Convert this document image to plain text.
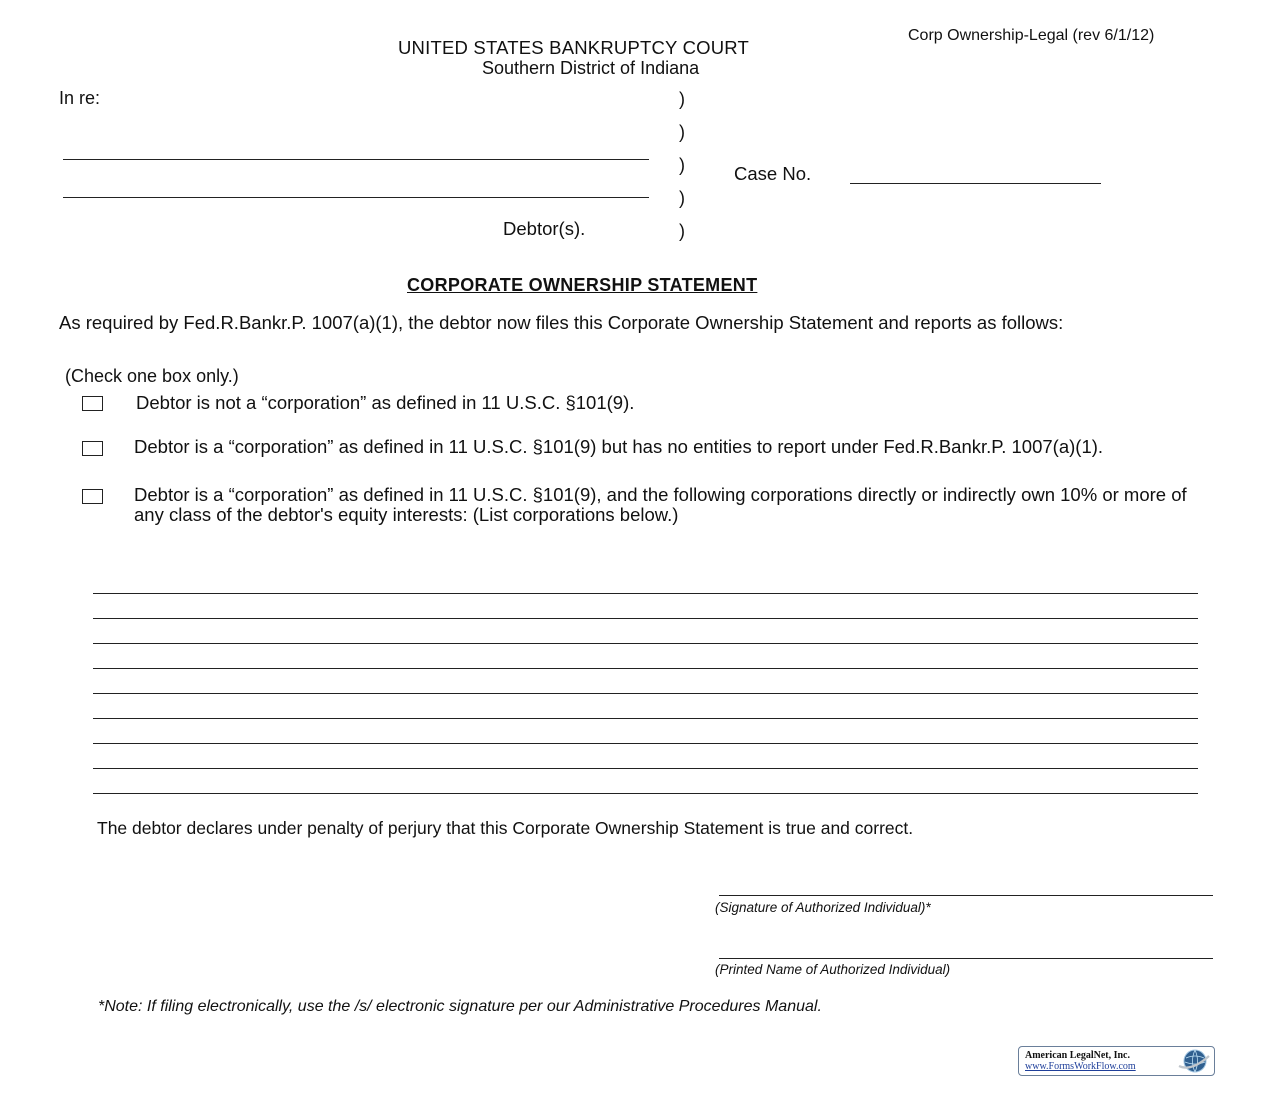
Corp Ownership-Legal (rev 6/1/12)
UNITED STATES BANKRUPTCY COURT
Southern District of Indiana
In re:
Debtor(s).
)
)
)
)
)
Case No.
CORPORATE OWNERSHIP STATEMENT
As required by Fed.R.Bankr.P. 1007(a)(1), the debtor now files this Corporate Ownership Statement and reports as follows:
(Check one box only.)
Debtor is not a “corporation” as defined in 11 U.S.C. §101(9).
Debtor is a “corporation” as defined in 11 U.S.C. §101(9) but has no entities to report under Fed.R.Bankr.P. 1007(a)(1).
Debtor is a “corporation” as defined in 11 U.S.C. §101(9), and the following corporations directly or indirectly own 10% or more of any class of the debtor's equity interests: (List corporations below.)
The debtor declares under penalty of perjury that this Corporate Ownership Statement is true and correct.
(Signature of Authorized Individual)*
(Printed Name of Authorized Individual)
*Note: If filing electronically, use the /s/ electronic signature per our Administrative Procedures Manual.
American LegalNet, Inc.
www.FormsWorkFlow.com
